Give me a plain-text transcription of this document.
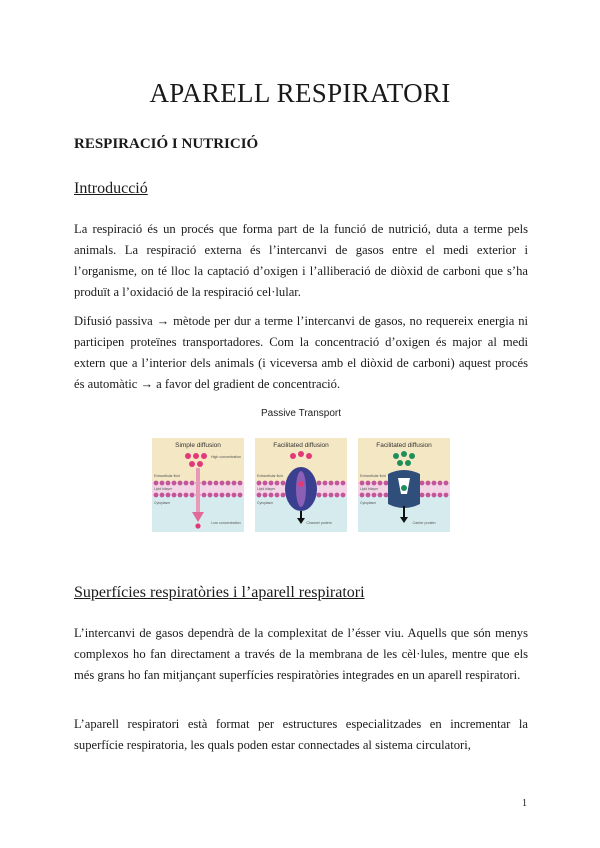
APARELL RESPIRATORI
RESPIRACIÓ I NUTRICIÓ
Introducció
La respiració és un procés que forma part de la funció de nutrició, duta a terme pels animals. La respiració externa és l’intercanvi de gasos entre el medi exterior i l’organisme, on té lloc la captació d’oxigen i l’alliberació de diòxid de carboni que s’ha produït a l’oxidació de la respiració cel·lular.
Difusió passiva → mètode per dur a terme l’intercanvi de gasos, no requereix energia ni participen proteïnes transportadores. Com la concentració d’oxigen és major al medi extern que a l’interior dels animals (i viceversa amb el diòxid de carboni) aquest procés és automàtic → a favor del gradient de concentració.
Passive Transport
Simple diffusion
High concentration
Low concentration
Extracellular fluid
Lipid bilayer
Cytoplasm
Facilitated diffusion
Channel protein
Extracellular fluid
Lipid bilayer
Cytoplasm
Facilitated diffusion
Carrier protein
Extracellular fluid
Lipid bilayer
Cytoplasm
Superfícies respiratòries i l’aparell respiratori
L’intercanvi de gasos dependrà de la complexitat de l’ésser viu. Aquells que són menys complexos ho fan directament a través de la membrana de les cèl·lules, mentre que els més grans ho fan mitjançant superfícies respiratòries integrades en un aparell respiratori.
L’aparell respiratori està format per estructures especialitzades en incrementar la superfície respiratoria, les quals poden estar connectades al sistema circulatori,
1
